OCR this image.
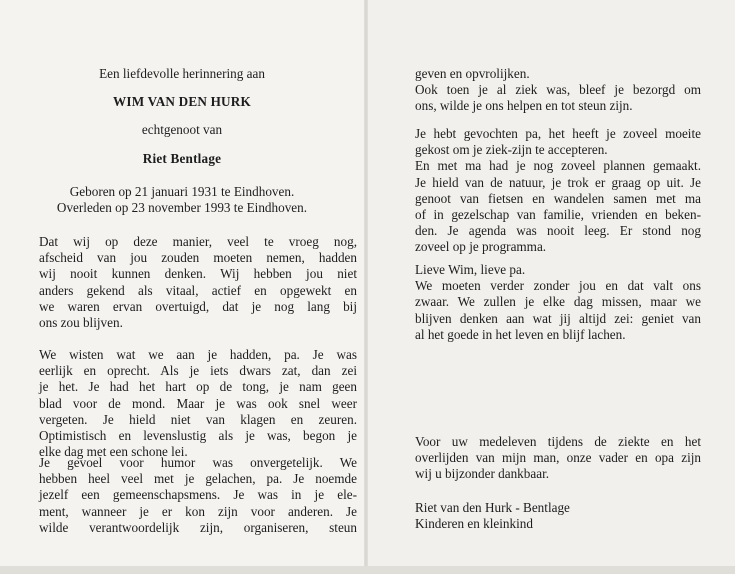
Een liefdevolle herinnering aan
WIM VAN DEN HURK
echtgenoot van
Riet Bentlage
Geboren op 21 januari 1931 te Eindhoven.
Overleden op 23 november 1993 te Eindhoven.
Dat wij op deze manier, veel te vroeg nog,
afscheid van jou zouden moeten nemen, hadden
wij nooit kunnen denken. Wij hebben jou niet
anders gekend als vitaal, actief en opgewekt en
we waren ervan overtuigd, dat je nog lang bij
ons zou blijven.
We wisten wat we aan je hadden, pa. Je was
eerlijk en oprecht. Als je iets dwars zat, dan zei
je het. Je had het hart op de tong, je nam geen
blad voor de mond. Maar je was ook snel weer
vergeten. Je hield niet van klagen en zeuren.
Optimistisch en levenslustig als je was, begon je
elke dag met een schone lei.
Je gevoel voor humor was onvergetelijk. We
hebben heel veel met je gelachen, pa. Je noemde
jezelf een gemeenschapsmens. Je was in je ele-
ment, wanneer je er kon zijn voor anderen. Je
wilde verantwoordelijk zijn, organiseren, steun
geven en opvrolijken.
Ook toen je al ziek was, bleef je bezorgd om
ons, wilde je ons helpen en tot steun zijn.
Je hebt gevochten pa, het heeft je zoveel moeite
gekost om je ziek-zijn te accepteren.
En met ma had je nog zoveel plannen gemaakt.
Je hield van de natuur, je trok er graag op uit. Je
genoot van fietsen en wandelen samen met ma
of in gezelschap van familie, vrienden en beken-
den. Je agenda was nooit leeg. Er stond nog
zoveel op je programma.
Lieve Wim, lieve pa.
We moeten verder zonder jou en dat valt ons
zwaar. We zullen je elke dag missen, maar we
blijven denken aan wat jij altijd zei: geniet van
al het goede in het leven en blijf lachen.
Voor uw medeleven tijdens de ziekte en het
overlijden van mijn man, onze vader en opa zijn
wij u bijzonder dankbaar.
Riet van den Hurk - Bentlage
Kinderen en kleinkind
